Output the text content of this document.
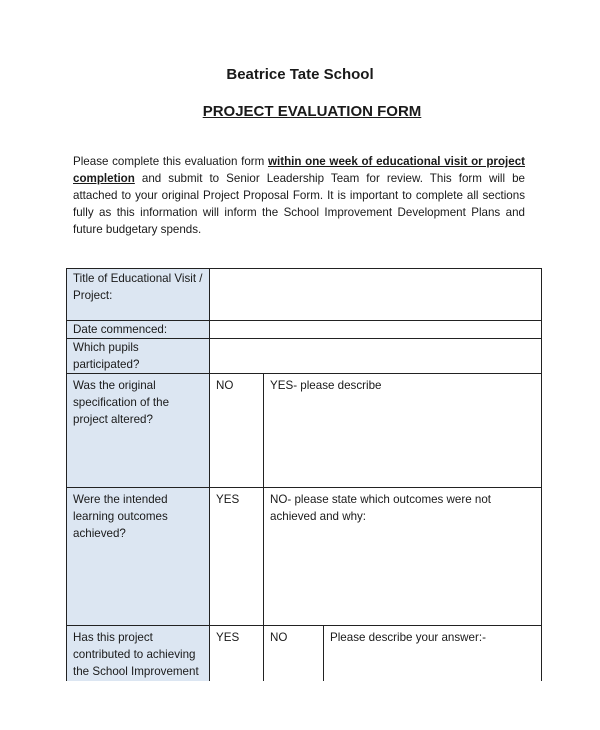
Beatrice Tate School
PROJECT EVALUATION FORM
Please complete this evaluation form within one week of educational visit or project completion and submit to Senior Leadership Team for review. This form will be attached to your original Project Proposal Form. It is important to complete all sections fully as this information will inform the School Improvement Development Plans and future budgetary spends.
Title of Educational Visit / Project:			
Date commenced:			
Which pupils participated?			
Was the original specification of the project altered?	NO	YES- please describe	
Were the intended learning outcomes achieved?	YES	NO- please state which outcomes were not achieved and why:	
Has this project contributed to achieving the School Improvement	YES	NO	Please describe your answer:-
